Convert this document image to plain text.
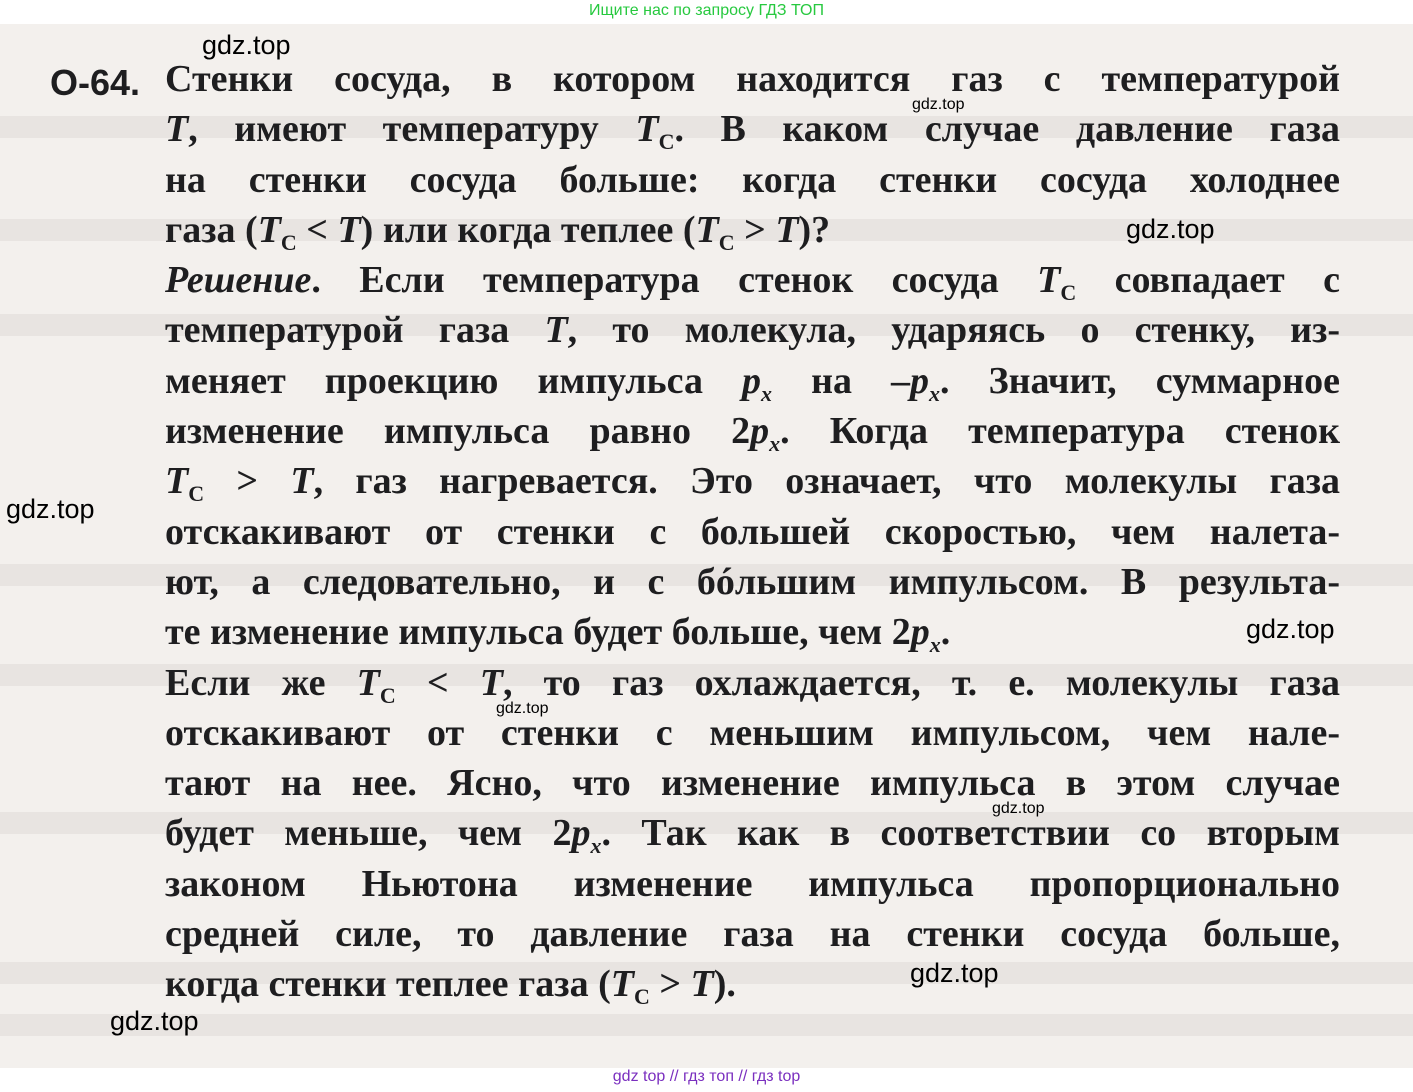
Ищите нас по запросу ГДЗ ТОП
О-64. Стенки сосуда, в котором находится газ с температурой
T, имеют температуру $T_C$. В каком случае давление газа
на стенки сосуда больше: когда стенки сосуда холоднее
газа $(T_C < T)$ или когда теплее $(T_C > T)$?
Решение. Если температура стенок сосуда $T_C$ совпадает с
температурой газа T, то молекула, ударяясь о стенку, из-
меняет проекцию импульса $p_x$ на $-p_x$. Значит, суммарное
изменение импульса равно $2p_x$. Когда температура стенок
$T_C > T$, газ нагревается. Это означает, что молекулы газа
отскакивают от стенки с большей скоростью, чем налета-
ют, а следовательно, и с бóльшим импульсом. В результа-
те изменение импульса будет больше, чем $2p_x$.
Если же $T_C < T$, то газ охлаждается, т. е. молекулы газа
отскакивают от стенки с меньшим импульсом, чем нале-
тают на нее. Ясно, что изменение импульса в этом случае
будет меньше, чем $2p_x$. Так как в соответствии со вторым
законом Ньютона изменение импульса пропорционально
средней силе, то давление газа на стенки сосуда больше,
когда стенки теплее газа $(T_C > T)$.
gdz.top
gdz.top
gdz.top
gdz.top
gdz.top
gdz.top
gdz.top
gdz.top
gdz.top
gdz top // гдз топ // гдз top
